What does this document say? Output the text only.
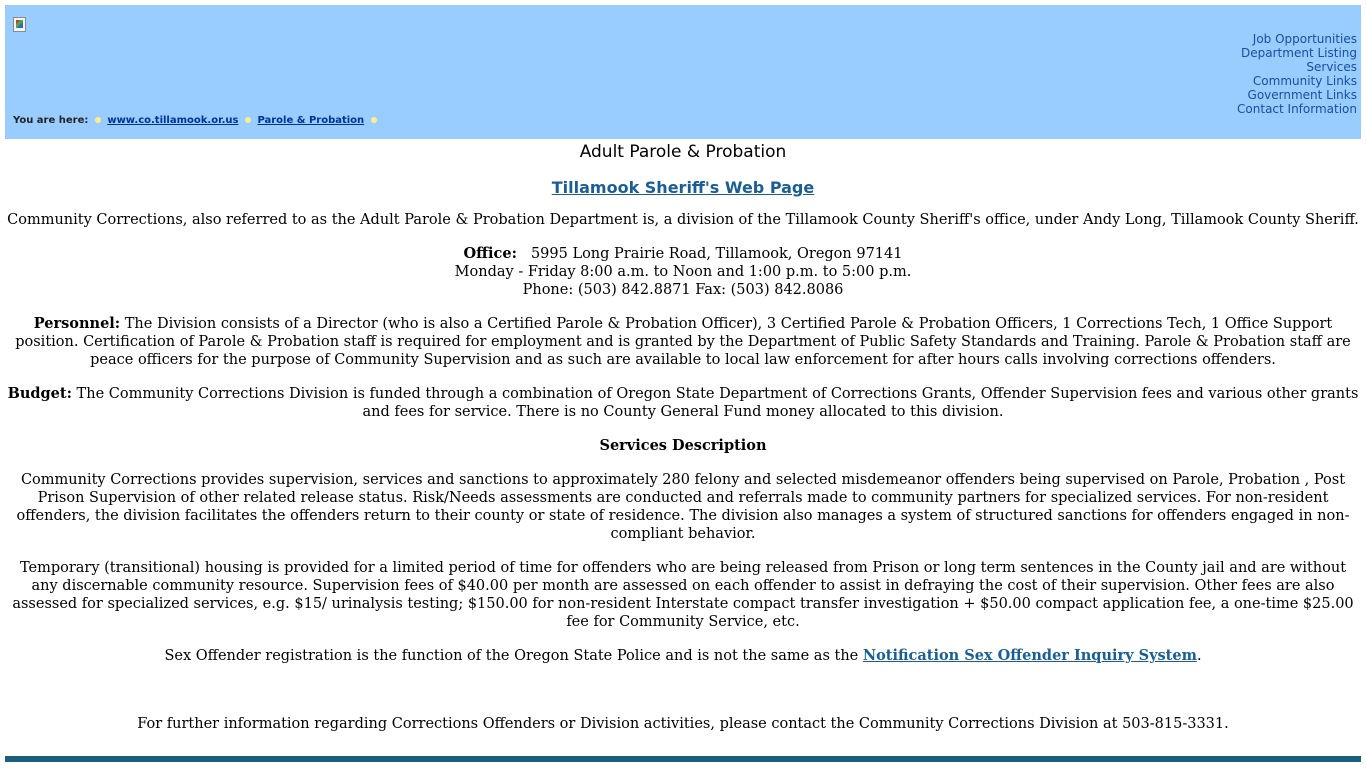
You are here: www.co.tillamook.or.us Parole & Probation
Job Opportunities
Department Listing
Services
Community Links
Government Links
Contact Information
Adult Parole & Probation
Tillamook Sheriff's Web Page

Community Corrections, also referred to as the Adult Parole & Probation Department is, a division of the Tillamook County Sheriff's office, under Andy Long, Tillamook County Sheriff.

Office: 5995 Long Prairie Road, Tillamook, Oregon 97141
Monday - Friday 8:00 a.m. to Noon and 1:00 p.m. to 5:00 p.m.
Phone: (503) 842.8871 Fax: (503) 842.8086

Personnel: The Division consists of a Director (who is also a Certified Parole & Probation Officer), 3 Certified Parole & Probation Officers, 1 Corrections Tech, 1 Office Support position. Certification of Parole & Probation staff is required for employment and is granted by the Department of Public Safety Standards and Training. Parole & Probation staff are peace officers for the purpose of Community Supervision and as such are available to local law enforcement for after hours calls involving corrections offenders.

Budget: The Community Corrections Division is funded through a combination of Oregon State Department of Corrections Grants, Offender Supervision fees and various other grants and fees for service. There is no County General Fund money allocated to this division.

Services Description

Community Corrections provides supervision, services and sanctions to approximately 280 felony and selected misdemeanor offenders being supervised on Parole, Probation , Post Prison Supervision of other related release status. Risk/Needs assessments are conducted and referrals made to community partners for specialized services. For non-resident offenders, the division facilitates the offenders return to their county or state of residence. The division also manages a system of structured sanctions for offenders engaged in non-compliant behavior.

Temporary (transitional) housing is provided for a limited period of time for offenders who are being released from Prison or long term sentences in the County jail and are without any discernable community resource. Supervision fees of $40.00 per month are assessed on each offender to assist in defraying the cost of their supervision. Other fees are also assessed for specialized services, e.g. $15/ urinalysis testing; $150.00 for non-resident Interstate compact transfer investigation + $50.00 compact application fee, a one-time $25.00 fee for Community Service, etc.

Sex Offender registration is the function of the Oregon State Police and is not the same as the Notification Sex Offender Inquiry System.

For further information regarding Corrections Offenders or Division activities, please contact the Community Corrections Division at 503-815-3331.
